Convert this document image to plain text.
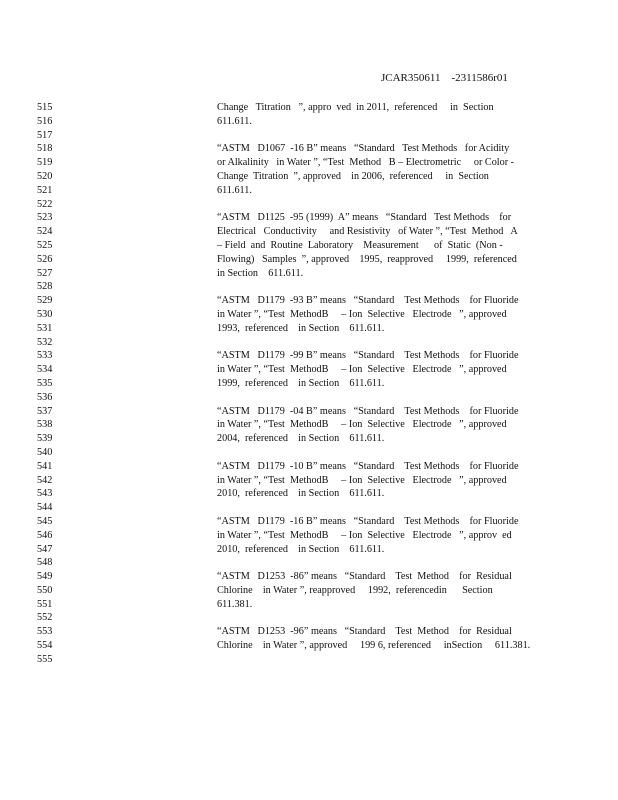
JCAR350611    -2311586r01
515	Change   Titration   ”, appro  ved  in 2011,  referenced     in  Section
516	611.611.
517
518	“ASTM   D1067  -16 B” means   “Standard   Test Methods   for Acidity
519	or Alkalinity   in Water ”, “Test  Method   B – Electrometric     or Color -
520	Change  Titration  ”, approved    in 2006,  referenced     in  Section
521	611.611.
522
523	“ASTM   D1125  -95 (1999)  A” means   “Standard   Test Methods    for
524	Electrical   Conductivity     and Resistivity   of Water ”, “Test  Method   A
525	– Field  and  Routine  Laboratory    Measurement      of  Static  (Non -
526	Flowing)   Samples  ”, approved    1995,  reapproved     1999,  referenced
527	in Section    611.611.
528
529	“ASTM   D1179  -93 B” means   “Standard    Test Methods    for Fluoride
530	in Water ”, “Test  MethodB     – Ion  Selective   Electrode   ”, approved
531	1993,  referenced    in Section    611.611.
532
533	“ASTM   D1179  -99 B” means   “Standard    Test Methods    for Fluoride
534	in Water ”, “Test  MethodB     – Ion  Selective   Electrode   ”, approved
535	1999,  referenced    in Section    611.611.
536
537	“ASTM   D1179  -04 B” means   “Standard    Test Methods    for Fluoride
538	in Water ”, “Test  MethodB     – Ion  Selective   Electrode   ”, approved
539	2004,  referenced    in Section    611.611.
540
541	“ASTM   D1179  -10 B” means   “Standard    Test Methods    for Fluoride
542	in Water ”, “Test  MethodB     – Ion  Selective   Electrode   ”, approved
543	2010,  referenced    in Section    611.611.
544
545	“ASTM   D1179  -16 B” means   “Standard    Test Methods    for Fluoride
546	in Water ”, “Test  MethodB     – Ion  Selective   Electrode   ”, approv  ed
547	2010,  referenced    in Section    611.611.
548
549	“ASTM   D1253  -86” means   “Standard    Test  Method    for  Residual
550	Chlorine    in Water ”, reapproved     1992,  referencedin      Section
551	611.381.
552
553	“ASTM   D1253  -96” means   “Standard    Test  Method    for  Residual
554	Chlorine    in Water ”, approved     199 6, referenced     inSection     611.381.
555
